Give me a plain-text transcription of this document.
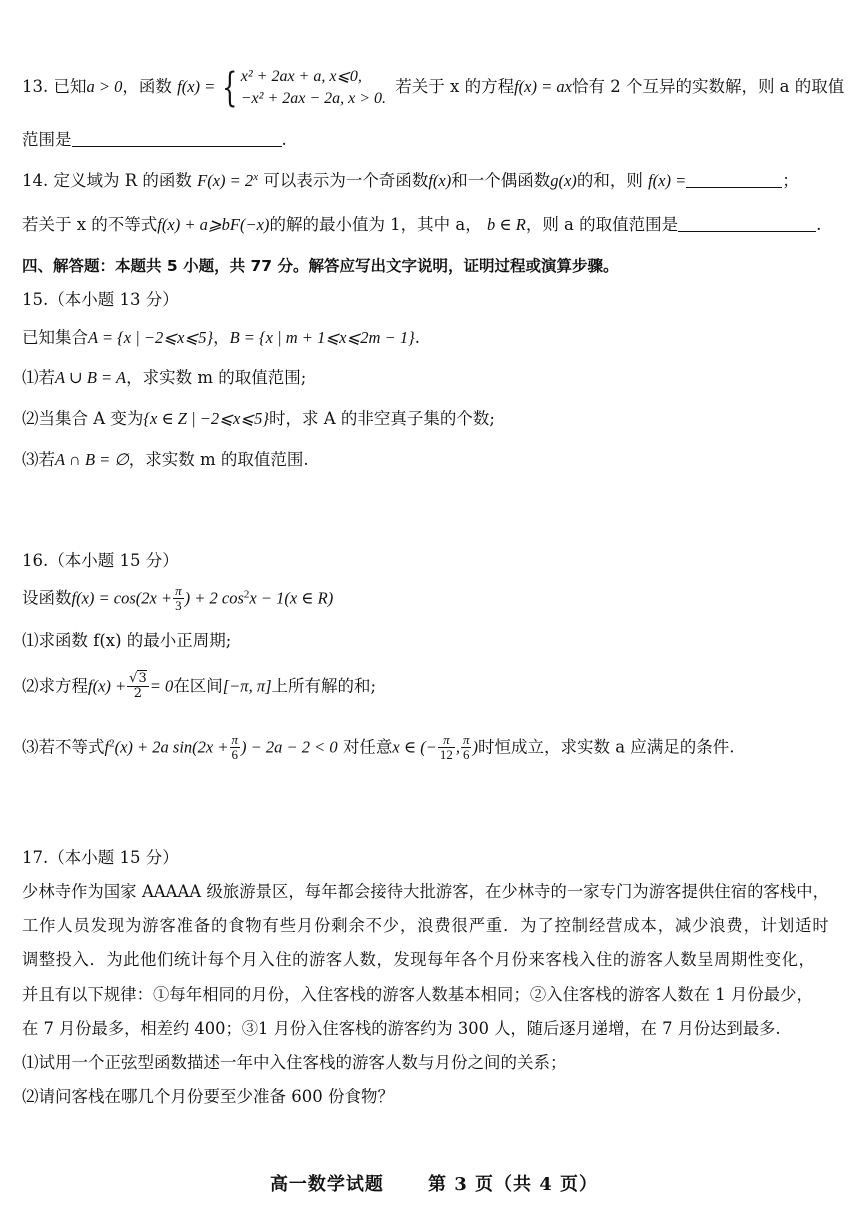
13. 已知a > 0，函数 f(x) = { x² + 2ax + a, x⩽0,
−x² + 2ax − 2a, x > 0.
若关于 x 的方程f(x) = ax恰有 2 个互异的实数解，则 a 的取值
范围是	.
14. 定义域为 R 的函数 $F(x) = 2^x$ 可以表示为一个奇函数f(x)和一个偶函数g(x)的和，则 f(x) =	；
若关于 x 的不等式f(x) + a⩾bF(−x)的解的最小值为 1，其中 a， b ∈ R，则 a 的取值范围是	.
四、解答题：本题共 5 小题，共 77 分。解答应写出文字说明，证明过程或演算步骤。
15.（本小题 13 分）
已知集合A = {x | −2⩽x⩽5}，B = {x | m + 1⩽x⩽2m − 1}.
⑴若A ∪ B = A，求实数 m 的取值范围;
⑵当集合 A 变为{x ∈ Z | −2⩽x⩽5}时，求 A 的非空真子集的个数;
⑶若A ∩ B = ∅，求实数 m 的取值范围.
16.（本小题 15 分）
设函数$f(x) = \cos(2x + \frac{\pi}{3}$ ) + 2 $\cos^2x - 1(x$ ∈ R)
⑴求函数 f(x) 的最小正周期;
⑵求方程$f(x) + \frac{√3}{2} = 0$在区间[−π, π]上所有解的和;
⑶若不等式$f^2(x) + 2a$ $\sin(2x + \frac{\pi}{6}$ ) − 2a − 2 < 0 对任意x ∈ (− $\frac{\pi}{12}$ , $\frac{\pi}{6}$ )时恒成立，求实数 a 应满足的条件.
17.（本小题 15 分）
少林寺作为国家 AAAAA 级旅游景区，每年都会接待大批游客，在少林寺的一家专门为游客提供住宿的客栈中，
工作人员发现为游客准备的食物有些月份剩余不少，浪费很严重．为了控制经营成本，减少浪费，计划适时
调整投入．为此他们统计每个月入住的游客人数，发现每年各个月份来客栈入住的游客人数呈周期性变化，
并且有以下规律：①每年相同的月份，入住客栈的游客人数基本相同；②入住客栈的游客人数在 1 月份最少，
在 7 月份最多，相差约 400；③1 月份入住客栈的游客约为 300 人，随后逐月递增，在 7 月份达到最多.
⑴试用一个正弦型函数描述一年中入住客栈的游客人数与月份之间的关系；
⑵请问客栈在哪几个月份要至少准备 600 份食物？
高一数学试题 第 3 页（共 4 页）
